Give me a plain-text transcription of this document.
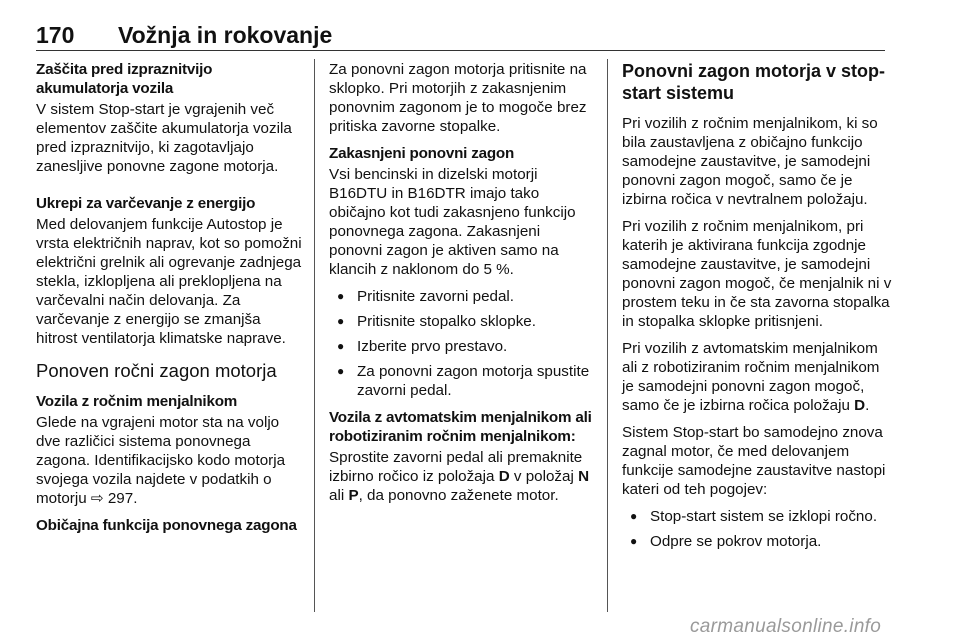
170 Vožnja in rokovanje
Zaščita pred izpraznitvijo akumulatorja vozila
V sistem Stop-start je vgrajenih več elementov zaščite akumulatorja vozila pred izpraznitvijo, ki zagotavljajo zanesljive ponovne zagone motorja.
Ukrepi za varčevanje z energijo
Med delovanjem funkcije Autostop je vrsta električnih naprav, kot so pomožni električni grelnik ali ogrevanje zadnjega stekla, izklopljena ali preklopljena na varčevalni način delovanja. Za varčevanje z energijo se zmanjša hitrost ventilatorja klimatske naprave.
Ponoven ročni zagon motorja
Vozila z ročnim menjalnikom
Glede na vgrajeni motor sta na voljo dve različici sistema ponovnega zagona. Identifikacijsko kodo motorja svojega vozila najdete v podatkih o motorju ⇨ 297.
Običajna funkcija ponovnega zagona
Za ponovni zagon motorja pritisnite na sklopko. Pri motorjih z zakasnjenim ponovnim zagonom je to mogoče brez pritiska zavorne stopalke.
Zakasnjeni ponovni zagon
Vsi bencinski in dizelski motorji B16DTU in B16DTR imajo tako običajno kot tudi zakasnjeno funkcijo ponovnega zagona. Zakasnjeni ponovni zagon je aktiven samo na klancih z naklonom do 5 %.
● Pritisnite zavorni pedal.
● Pritisnite stopalko sklopke.
● Izberite prvo prestavo.
● Za ponovni zagon motorja spustite zavorni pedal.
Vozila z avtomatskim menjalnikom ali robotiziranim ročnim menjalnikom:
Sprostite zavorni pedal ali premaknite izbirno ročico iz položaja D v položaj N ali P, da ponovno zaženete motor.
Ponovni zagon motorja v stop-start sistemu
Pri vozilih z ročnim menjalnikom, ki so bila zaustavljena z običajno funkcijo samodejne zaustavitve, je samodejni ponovni zagon mogoč, samo če je izbirna ročica v nevtralnem položaju.
Pri vozilih z ročnim menjalnikom, pri katerih je aktivirana funkcija zgodnje samodejne zaustavitve, je samodejni ponovni zagon mogoč, če menjalnik ni v prostem teku in če sta zavorna stopalka in stopalka sklopke pritisnjeni.
Pri vozilih z avtomatskim menjalnikom ali z robotiziranim ročnim menjalnikom je samodejni ponovni zagon mogoč, samo če je izbirna ročica položaju D.
Sistem Stop-start bo samodejno znova zagnal motor, če med delovanjem funkcije samodejne zaustavitve nastopi kateri od teh pogojev:
● Stop-start sistem se izklopi ročno.
● Odpre se pokrov motorja.
carmanualsonline.info
